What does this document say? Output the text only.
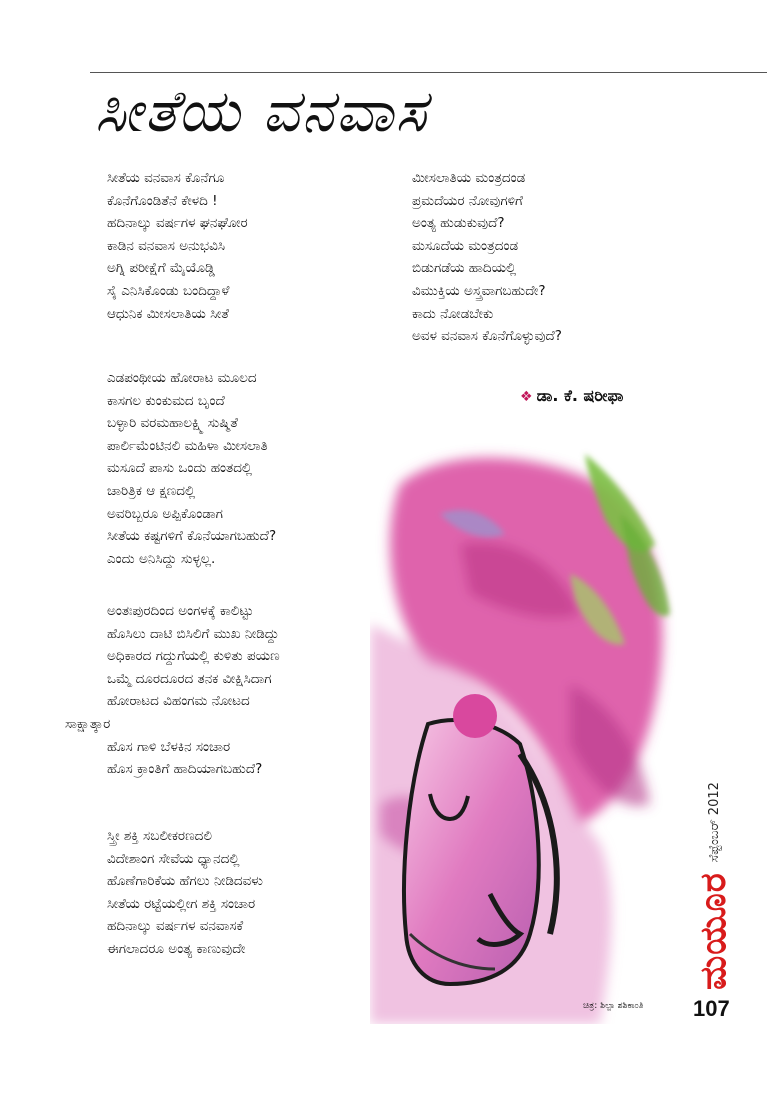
ಸೀತೆಯ ವನವಾಸ
ಸೀತೆಯ ವನವಾಸ ಕೊನೆಗೂ
ಕೊನೆಗೊಂಡಿತೆನೆ ಕೇಳದಿ !
ಹದಿನಾಲ್ಕು ವರ್ಷಗಳ ಘನಘೋರ
ಕಾಡಿನ ವನವಾಸ ಅನುಭವಿಸಿ
ಅಗ್ನಿ ಪರೀಕ್ಷೆಗೆ ಮೈಯೊಡ್ಡಿ
ಸೈ ಎನಿಸಿಕೊಂಡು ಬಂದಿದ್ದಾಳೆ
ಆಧುನಿಕ ಮೀಸಲಾತಿಯ ಸೀತೆ
ಎಡಪಂಥೀಯ ಹೋರಾಟ ಮೂಲದ
ಕಾಸಗಲ ಕುಂಕುಮದ ಬೃಂದೆ
ಬಳ್ಳಾರಿ ವರಮಹಾಲಕ್ಷ್ಮಿ ಸುಷ್ಮಿತೆ
ಪಾರ್ಲಿಮೆಂಟಿನಲಿ ಮಹಿಳಾ ಮೀಸಲಾತಿ
ಮಸೂದೆ ಪಾಸು ಒಂದು ಹಂತದಲ್ಲಿ
ಚಾರಿತ್ರಿಕ ಆ ಕ್ಷಣದಲ್ಲಿ
ಅವರಿಬ್ಬರೂ ಅಪ್ಪಿಕೊಂಡಾಗ
ಸೀತೆಯ ಕಷ್ಟಗಳಿಗೆ ಕೊನೆಯಾಗಬಹುದೆ?
ಎಂದು ಅನಿಸಿದ್ದು ಸುಳ್ಳಲ್ಲ.
ಅಂತಃಪುರದಿಂದ ಅಂಗಳಕ್ಕೆ ಕಾಲಿಟ್ಟು
ಹೊಸಿಲು ದಾಟಿ ಬಿಸಿಲಿಗೆ ಮುಖ ನೀಡಿದ್ದು
ಅಧಿಕಾರದ ಗದ್ದುಗೆಯಲ್ಲಿ ಕುಳಿತು ಪಯಣ
ಒಮ್ಮೆ ದೂರದೂರದ ತನಕ ವೀಕ್ಷಿಸಿದಾಗ
ಹೋರಾಟದ ವಿಹಂಗಮ ನೋಟದ
ಸಾಕ್ಷಾತ್ಕಾರ
ಹೊಸ ಗಾಳಿ ಬೆಳಕಿನ ಸಂಚಾರ
ಹೊಸ ಕ್ರಾಂತಿಗೆ ಹಾದಿಯಾಗಬಹುದೆ?
ಸ್ತ್ರೀ ಶಕ್ತಿ ಸಬಲೀಕರಣದಲಿ
ವಿದೇಶಾಂಗ ಸೇವೆಯ ಧ್ಯಾನದಲ್ಲಿ
ಹೊಣೆಗಾರಿಕೆಯ ಹೆಗಲು ನೀಡಿದವಳು
ಸೀತೆಯ ರಟ್ಟೆಯಲ್ಲೀಗ ಶಕ್ತಿ ಸಂಚಾರ
ಹದಿನಾಲ್ಕು ವರ್ಷಗಳ ವನವಾಸಕೆ
ಈಗಲಾದರೂ ಅಂತ್ಯ ಕಾಣುವುದೇ
ಮೀಸಲಾತಿಯ ಮಂತ್ರದಂಡ
ಪ್ರಮದೆಯರ ನೋವುಗಳಿಗೆ
ಅಂತ್ಯ ಹುಡುಕುವುದೆ?
ಮಸೂದೆಯ ಮಂತ್ರದಂಡ
ಬಿಡುಗಡೆಯ ಹಾದಿಯಲ್ಲಿ
ವಿಮುಕ್ತಿಯ ಅಸ್ತ್ರವಾಗಬಹುದೇ?
ಕಾದು ನೋಡಬೇಕು
ಅವಳ ವನವಾಸ ಕೊನೆಗೊಳ್ಳುವುದೆ?
❖ ಡಾ. ಕೆ. ಷರೀಫಾ
ಚಿತ್ರ: ಶಿಲ್ಪಾ ಶಶಿಕಾಂತಿ 107
ಮಯೂರಸೆಪ್ಟೆಂಬರ್ 2012
